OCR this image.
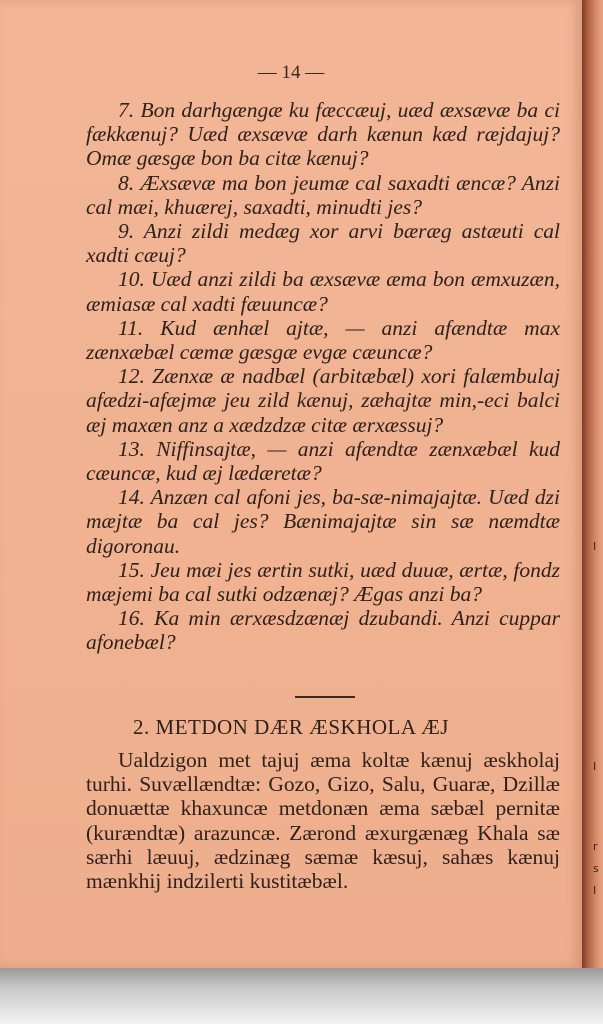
I
I
r
s
I
— 14 —

7. Bon darhgængæ ku fæccæuj, uæd æxsævæ ba ci fækkænuj? Uæd æxsævæ darh kænun kæd ræjdajuj? Omæ gæsgæ bon ba citæ kænuj?

8. Æxsævæ ma bon jeumæ cal saxadti æncæ? Anzi cal mæi, khuærej, saxadti, minudti jes?

9. Anzi zildi medæg xor arvi bæræg astæuti cal xadti cæuj?

10. Uæd anzi zildi ba æxsævæ æma bon æmxuzæn, æmiasæ cal xadti fæuuncæ?

11. Kud ænhæl ajtæ, — anzi afændtæ max zænxæbæl cæmæ gæsgæ evgæ cæuncæ?

12. Zænxæ æ nadbæl (arbitæbæl) xori falæmbulaj afædzi-afæjmæ jeu zild kænuj, zæhajtæ min,-eci balci æj maxæn anz a xædzdzæ citæ ærxæssuj?

13. Niffinsajtæ, — anzi afændtæ zænxæbæl kud cæuncæ, kud æj lædæretæ?

14. Anzæn cal afoni jes, ba-sæ-nimajajtæ. Uæd dzi mæjtæ ba cal jes? Bænimajajtæ sin sæ næmdtæ digoronau.

15. Jeu mæi jes ærtin sutki, uæd duuæ, ærtæ, fondz mæjemi ba cal sutki odzænæj? Ægas anzi ba?

16. Ka min ærxæsdzænæj dzubandi. Anzi cuppar afonebæl?

2. METDON DÆR ÆSKHOLA ÆJ

Ualdzigon met tajuj æma koltæ kænuj æskholaj turhi. Suvællændtæ: Gozo, Gizo, Salu, Guaræ, Dzillæ donuættæ khaxuncæ metdonæn æma sæbæl pernitæ (kurændtæ) arazuncæ. Zærond æxurgænæg Khala sæ særhi læuuj, ædzinæg sæmæ kæsuj, sahæs kænuj mænkhij indzilerti kustitæbæl.
